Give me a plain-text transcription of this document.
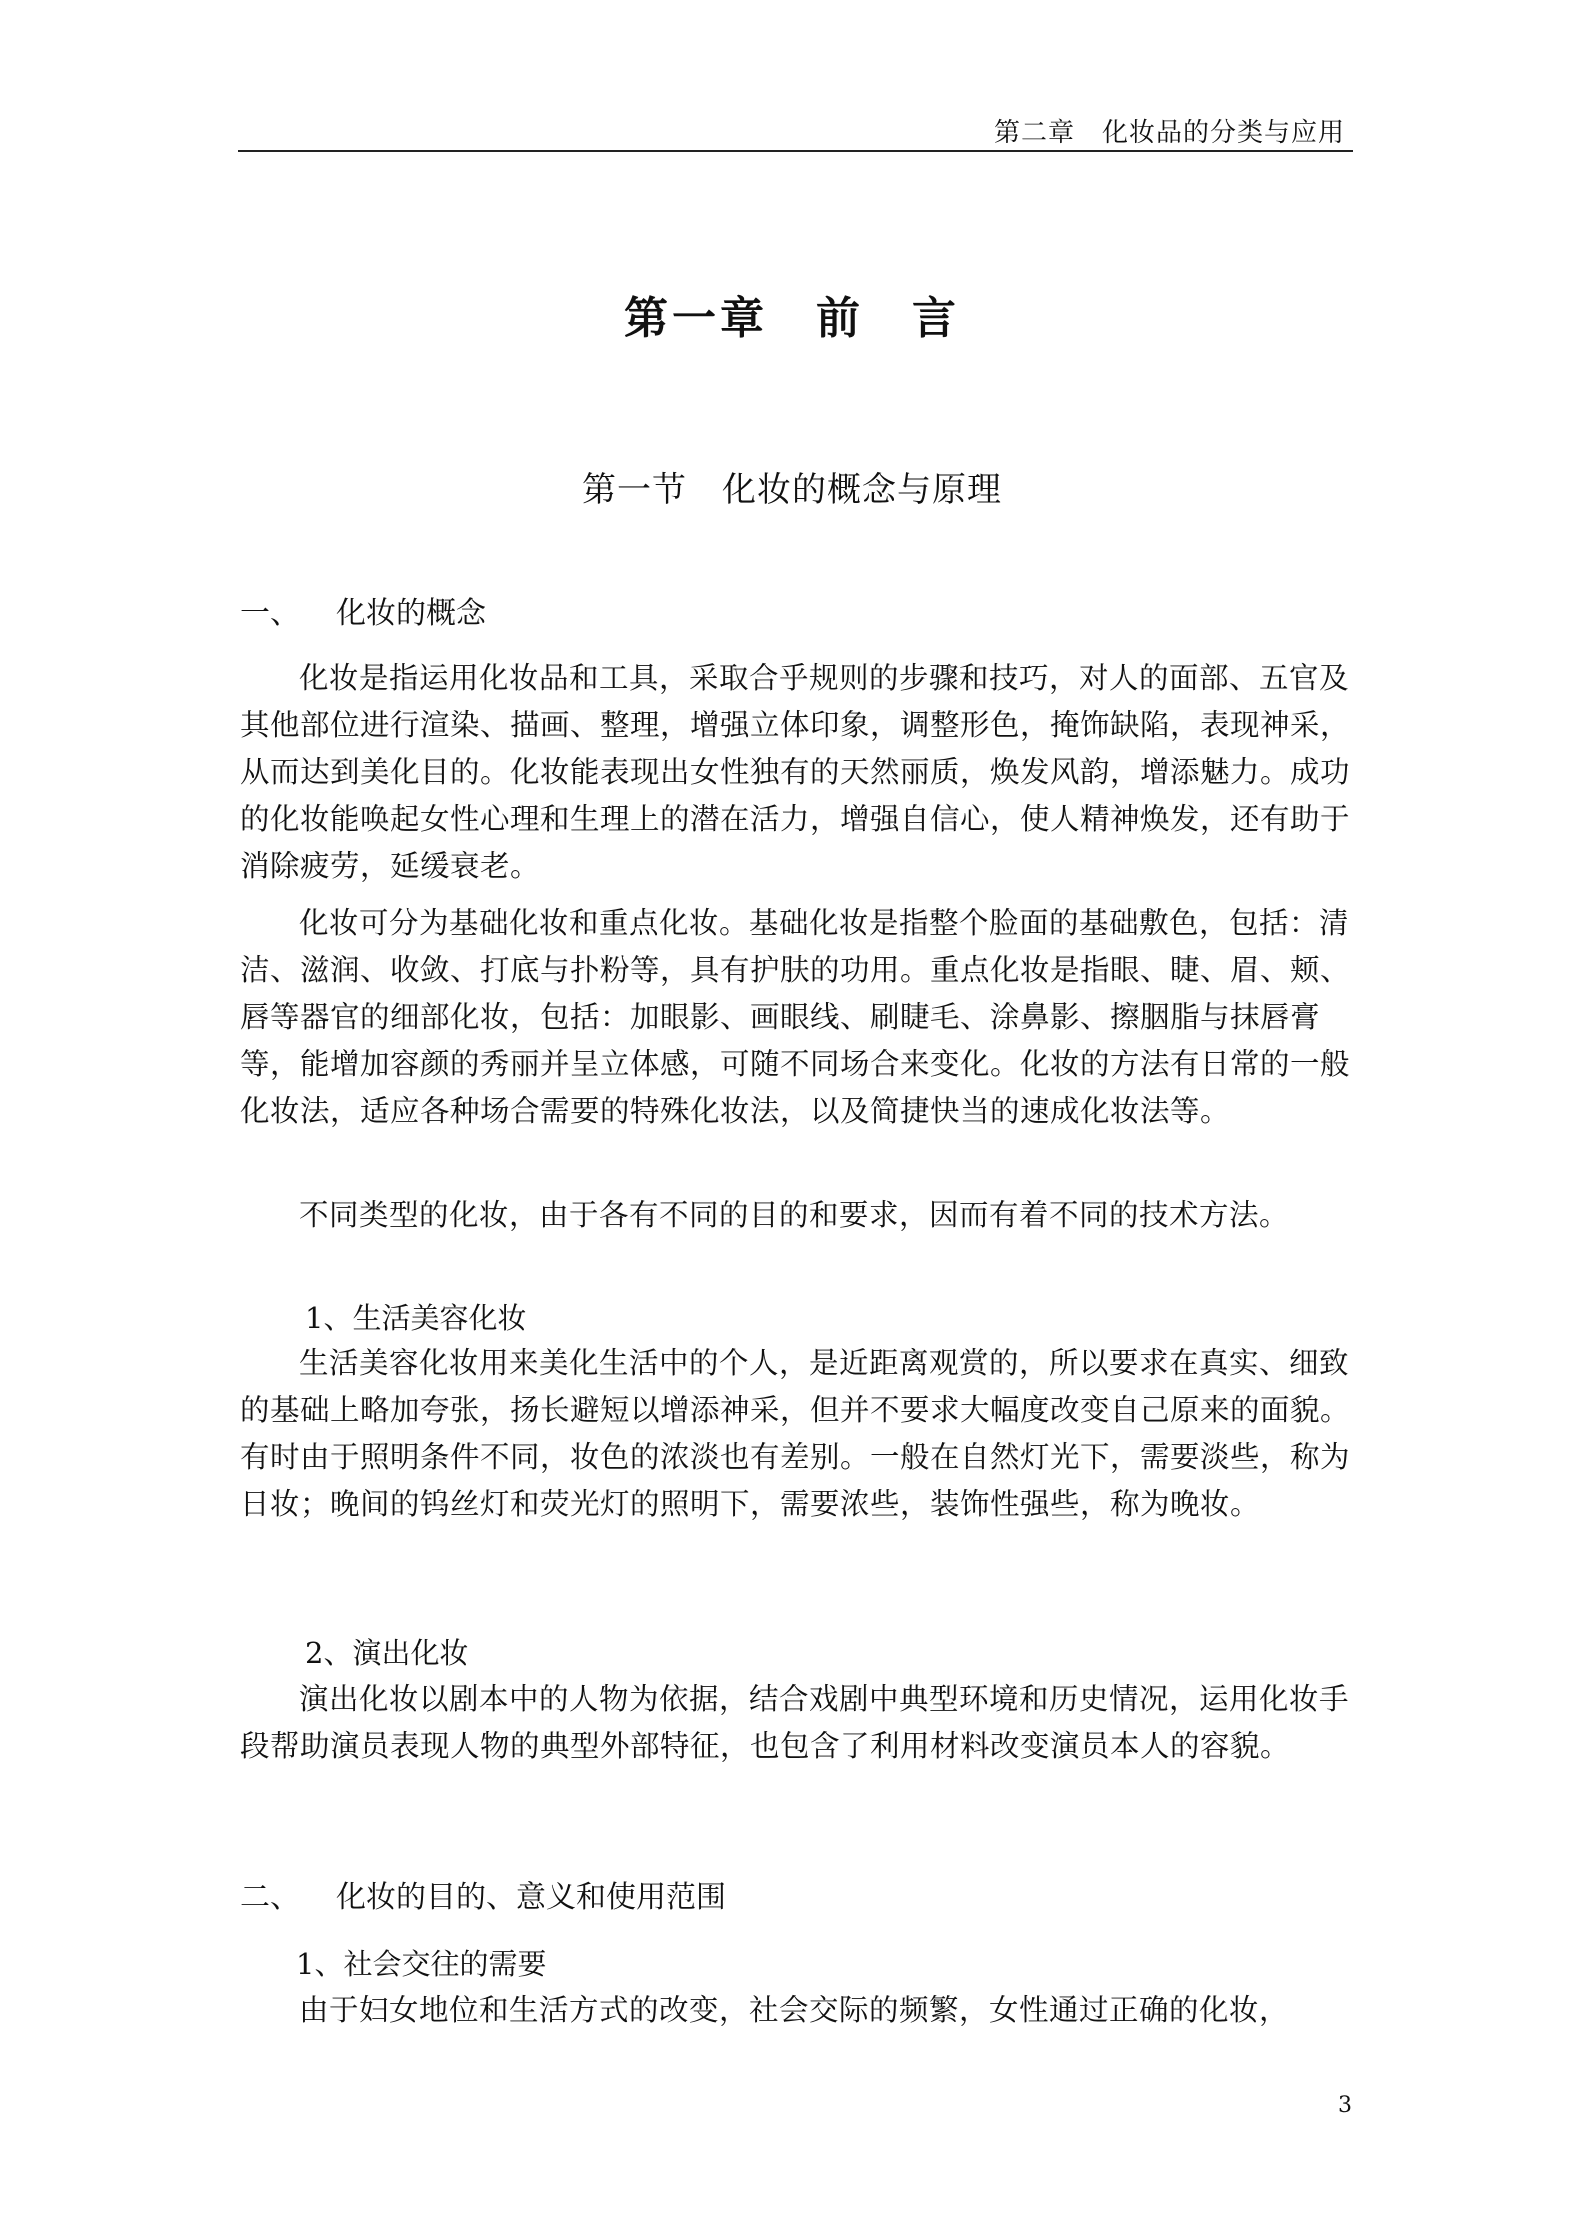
第二章　化妆品的分类与应用
第一章　前　言
第一节　化妆的概念与原理
一、 化妆的概念
化妆是指运用化妆品和工具，采取合乎规则的步骤和技巧，对人的面部、五官及其他部位进行渲染、描画、整理，增强立体印象，调整形色，掩饰缺陷，表现神采，从而达到美化目的。化妆能表现出女性独有的天然丽质，焕发风韵，增添魅力。成功的化妆能唤起女性心理和生理上的潜在活力，增强自信心，使人精神焕发，还有助于消除疲劳，延缓衰老。
化妆可分为基础化妆和重点化妆。基础化妆是指整个脸面的基础敷色，包括：清洁、滋润、收敛、打底与扑粉等，具有护肤的功用。重点化妆是指眼、睫、眉、颊、唇等器官的细部化妆，包括：加眼影、画眼线、刷睫毛、涂鼻影、擦胭脂与抹唇膏等，能增加容颜的秀丽并呈立体感，可随不同场合来变化。化妆的方法有日常的一般化妆法，适应各种场合需要的特殊化妆法，以及简捷快当的速成化妆法等。
不同类型的化妆，由于各有不同的目的和要求，因而有着不同的技术方法。
1、生活美容化妆
生活美容化妆用来美化生活中的个人，是近距离观赏的，所以要求在真实、细致的基础上略加夸张，扬长避短以增添神采，但并不要求大幅度改变自己原来的面貌。有时由于照明条件不同，妆色的浓淡也有差别。一般在自然灯光下，需要淡些，称为日妆；晚间的钨丝灯和荧光灯的照明下，需要浓些，装饰性强些，称为晚妆。
2、演出化妆
演出化妆以剧本中的人物为依据，结合戏剧中典型环境和历史情况，运用化妆手段帮助演员表现人物的典型外部特征，也包含了利用材料改变演员本人的容貌。
二、 化妆的目的、意义和使用范围
1、社会交往的需要
由于妇女地位和生活方式的改变，社会交际的频繁，女性通过正确的化妆，
3
